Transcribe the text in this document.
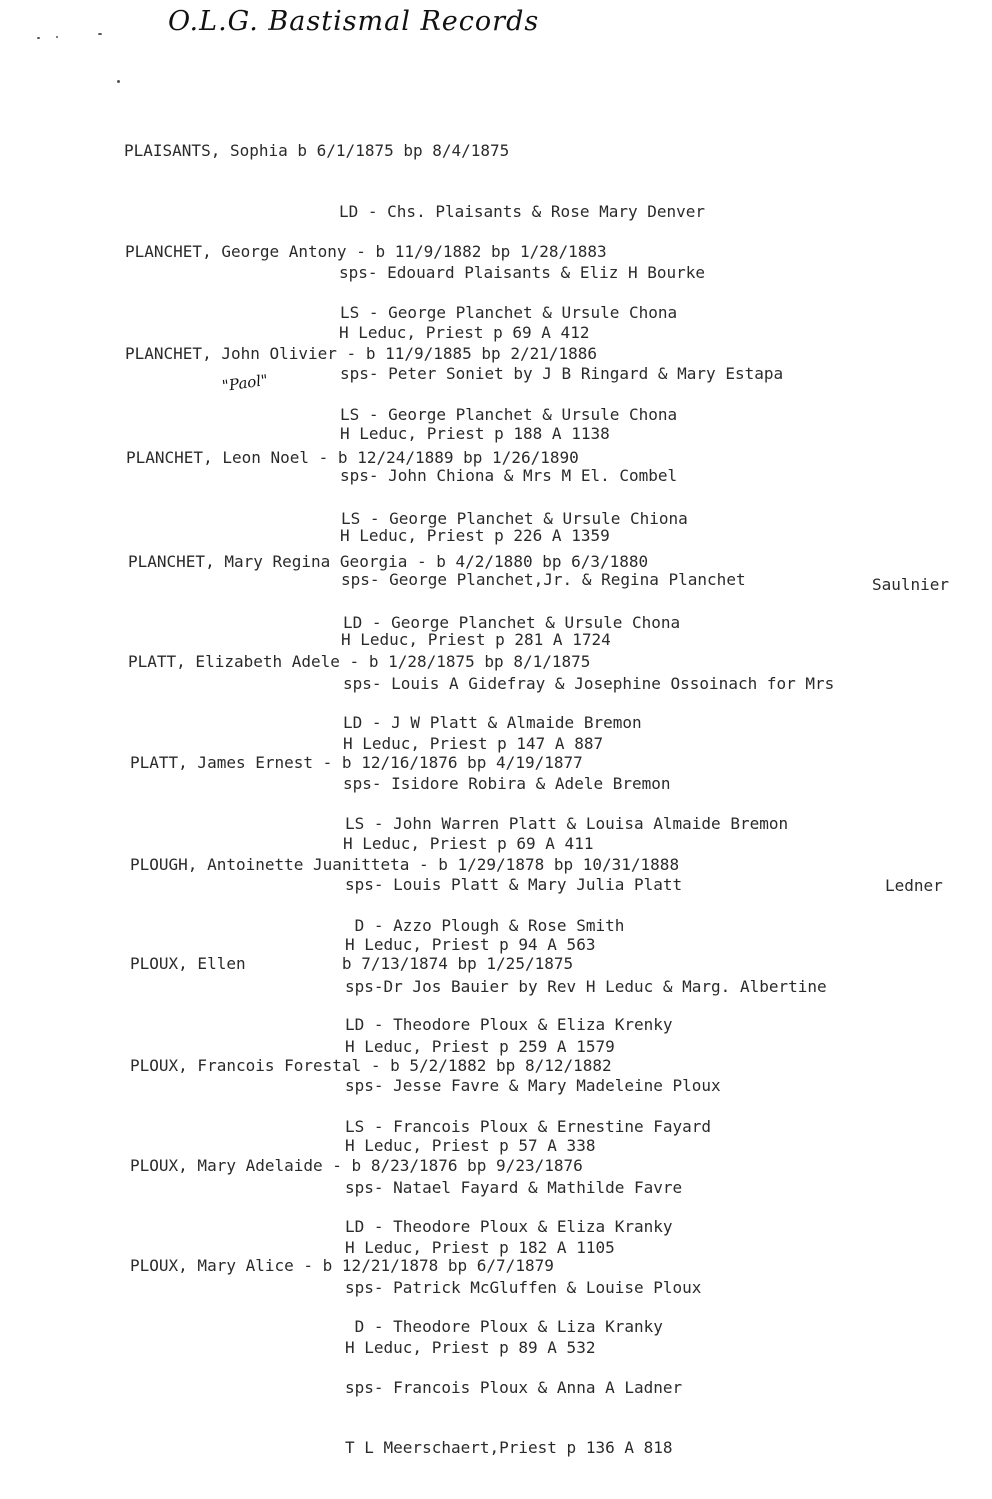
O.L.G. Bastismal Records
"Paol"

PLAISANTS, Sophia b 6/1/1875 bp 8/4/1875

LD - Chs. Plaisants & Rose Mary Denver

sps- Edouard Plaisants & Eliz H Bourke

H Leduc, Priest p 69 A 412

PLANCHET, George Antony - b 11/9/1882 bp 1/28/1883

LS - George Planchet & Ursule Chona

sps- Peter Soniet by J B Ringard & Mary Estapa

H Leduc, Priest p 188 A 1138

PLANCHET, John Olivier - b 11/9/1885 bp 2/21/1886

LS - George Planchet & Ursule Chona

sps- John Chiona & Mrs M El. Combel

H Leduc, Priest p 226 A 1359

PLANCHET, Leon Noel - b 12/24/1889 bp 1/26/1890

LS - George Planchet & Ursule Chiona

sps- George Planchet,Jr. & Regina Planchet

H Leduc, Priest p 281 A 1724

PLANCHET, Mary Regina Georgia - b 4/2/1880 bp 6/3/1880

LD - George Planchet & Ursule Chona

sps- Louis A Gidefray & Josephine Ossoinach for Mrs

H Leduc, Priest p 147 A 887

Saulnier

PLATT, Elizabeth Adele - b 1/28/1875 bp 8/1/1875

LD - J W Platt & Almaide Bremon

sps- Isidore Robira & Adele Bremon

H Leduc, Priest p 69 A 411

PLATT, James Ernest - b 12/16/1876 bp 4/19/1877

LS - John Warren Platt & Louisa Almaide Bremon

sps- Louis Platt & Mary Julia Platt

H Leduc, Priest p 94 A 563

PLOUGH, Antoinette Juanitteta - b 1/29/1878 bp 10/31/1888

D - Azzo Plough & Rose Smith

sps-Dr Jos Bauier by Rev H Leduc & Marg. Albertine

H Leduc, Priest p 259 A 1579

Ledner

PLOUX, Ellen          b 7/13/1874 bp 1/25/1875

LD - Theodore Ploux & Eliza Krenky

sps- Jesse Favre & Mary Madeleine Ploux

H Leduc, Priest p 57 A 338

PLOUX, Francois Forestal - b 5/2/1882 bp 8/12/1882

LS - Francois Ploux & Ernestine Fayard

sps- Natael Fayard & Mathilde Favre

H Leduc, Priest p 182 A 1105

PLOUX, Mary Adelaide - b 8/23/1876 bp 9/23/1876

LD - Theodore Ploux & Eliza Kranky

sps- Patrick McGluffen & Louise Ploux

H Leduc, Priest p 89 A 532

PLOUX, Mary Alice - b 12/21/1878 bp 6/7/1879

D - Theodore Ploux & Liza Kranky

sps- Francois Ploux & Anna A Ladner

T L Meerschaert,Priest p 136 A 818
